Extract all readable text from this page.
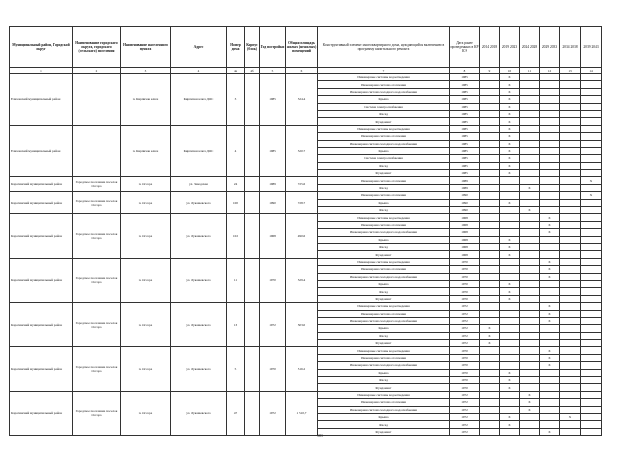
Муниципальный район, Городской округ	Наименование городского округа, городского (сельского) поселения	Наименование населенного пункта	Адрес	Номер дома	Корпус (блок)	Год постройки	Общая площадь жилых (нежилых) помещений	Конструктивный элемент многоквартирного дома, нуждающийся включению в программу капитального ремонта	Дата ранее проведенных в КР КЭ	2014 2018	2019 2023	2024 2028	2029 2033	2034 2038	2039 2043
1	2	3	4	4а	4б	5	6	7	8	9	10	11	12	13	14
Елизовский муниципальный район		п. Кирпичан ключ	Кирпичан ключ ДОС	3		1985	524.4	Инженерные системы водоотведения	1985		X				
								Инженерная система отопления	1985		X				
								Инженерная система холодного водоснабжения	1985		X				
								Крыша	1985		X				
								Система электроснабжения	1985		X				
								Фасад	1985		X				
								Фундамент	1985		X				
Елизовский муниципальный район		п. Кирпичан ключ	Кирпичан ключ ДОС	4		1985	520.7	Инженерные системы водоотведения	1985		X				
								Инженерная система отопления	1985		X				
								Инженерная система холодного водоснабжения	1985		X				
								Крыша	1985		X				
								Система электроснабжения	1985		X				
								Фасад	1985		X				
								Фундамент	1985		X				
Карагинский муниципальный район	Городское поселение поселок Оссора	п. Оссора	ул. Заводская	24		1989	725.6	Инженерная система отопления	1989						X
								Фасад	1989			X			
Карагинский муниципальный район	Городское поселение поселок Оссора	п. Оссора	ул. Лукашевского	100		1990	728.7	Инженерная система отопления	1990						X
								Крыша	1990		X				
								Фасад	1990			X			
Карагинский муниципальный район	Городское поселение поселок Оссора	п. Оссора	ул. Лукашевского	102		1968	490.6	Инженерные системы водоотведения	1968				X		
								Инженерная система отопления	1968				X		
								Инженерная система холодного водоснабжения	1968				X		
								Крыша	1968		X				
								Фасад	1968		X				
								Фундамент	1968		X				
Карагинский муниципальный район	Городское поселение поселок Оссора	п. Оссора	ул. Лукашевского	11		1970	529.4	Инженерные системы водоотведения	1970				X		
								Инженерная система отопления	1970				X		
								Инженерная система холодного водоснабжения	1970				X		
								Крыша	1970		X				
								Фасад	1970		X				
								Фундамент	1970		X				
Карагинский муниципальный район	Городское поселение поселок Оссора	п. Оссора	ул. Лукашевского	13		1972	503.0	Инженерные системы водоотведения	1972				X		
								Инженерная система отопления	1972				X		
								Инженерная система холодного водоснабжения	1972				X		
								Крыша	1972	X					
								Фасад	1972	X					
								Фундамент	1972	X					
Карагинский муниципальный район	Городское поселение поселок Оссора	п. Оссора	ул. Лукашевского	5		1970	516.2	Инженерные системы водоотведения	1970				X		
								Инженерная система отопления	1970				X		
								Инженерная система холодного водоснабжения	1970				X		
								Крыша	1970		X				
								Фасад	1970		X				
								Фундамент	1970		X				
Карагинский муниципальный район	Городское поселение поселок Оссора	п. Оссора	ул. Лукашевского	47		1972	1 510,7	Инженерные системы водоотведения	1972			X			
								Инженерная система отопления	1972			X			
								Инженерная система холодного водоснабжения	1972			X			
								Крыша	1972		X			X	
								Фасад	1972		X				
								Фундамент	1972				X		
101
